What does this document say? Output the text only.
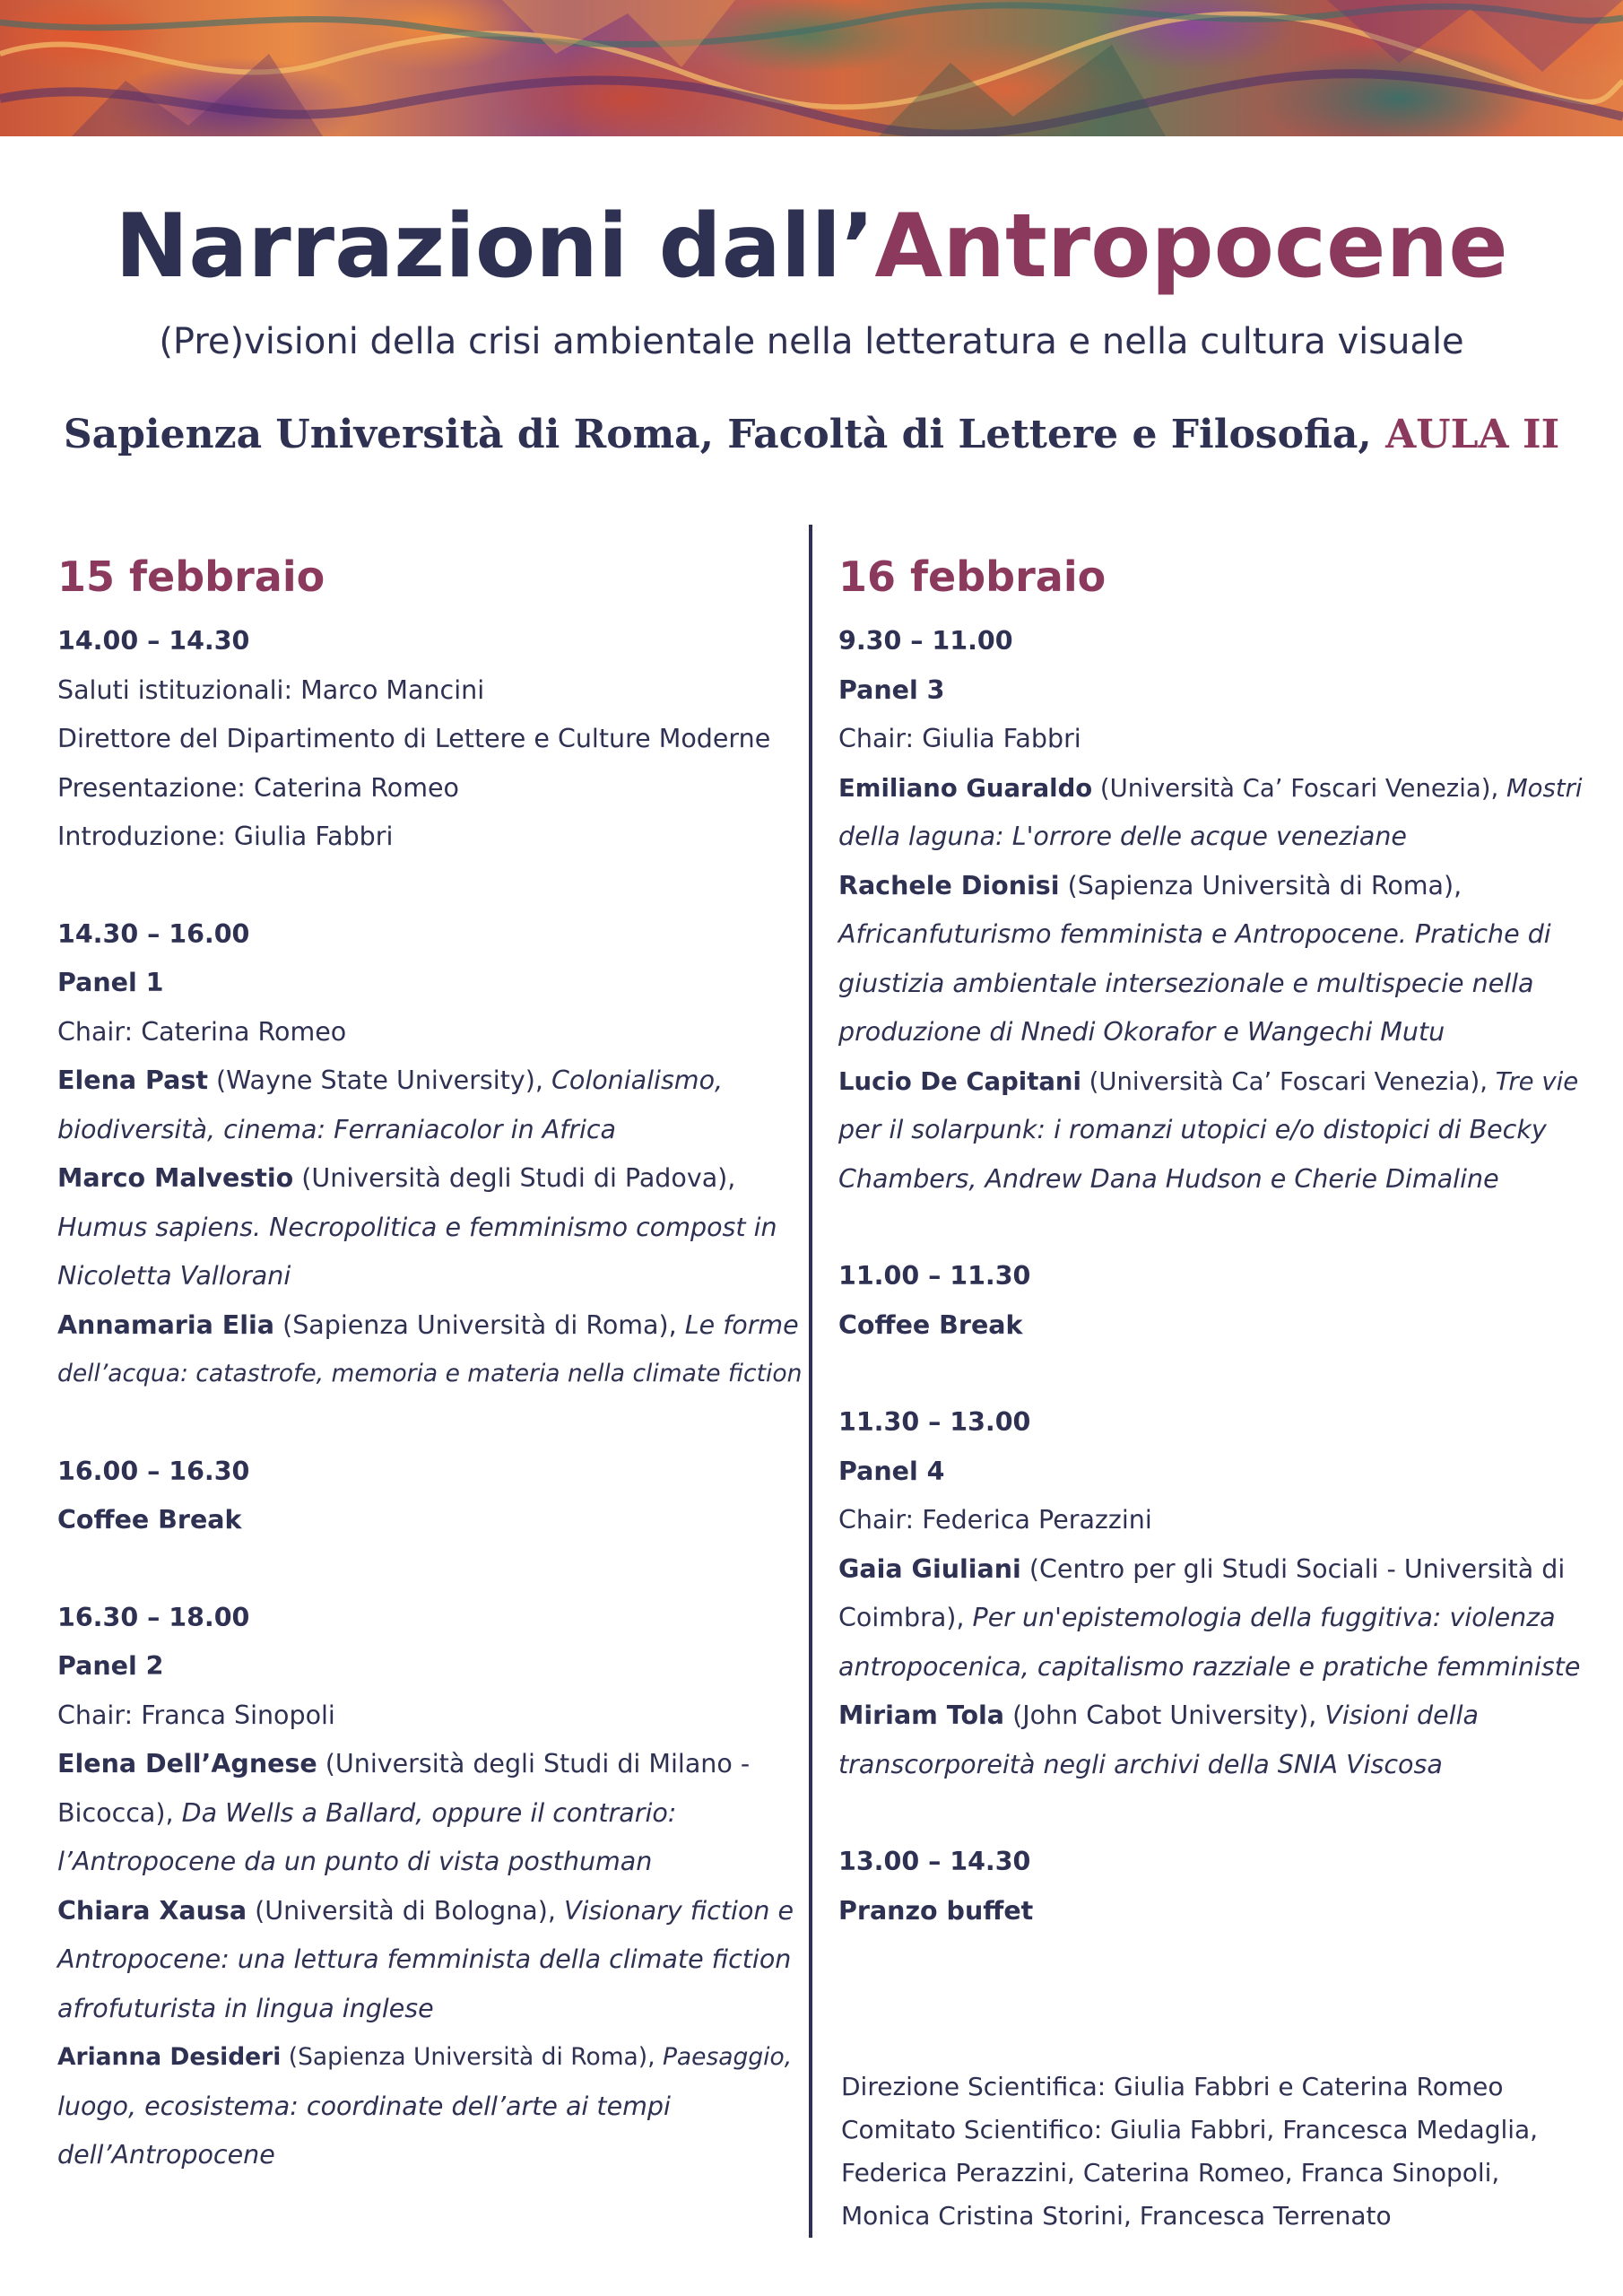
Narrazioni dall’Antropocene

(Pre)visioni della crisi ambientale nella letteratura e nella cultura visuale

Sapienza Università di Roma, Facoltà di Lettere e Filosofia, AULA II

15 febbraio

14.00 – 14.30

Saluti istituzionali: Marco Mancini

Direttore del Dipartimento di Lettere e Culture Moderne

Presentazione: Caterina Romeo

Introduzione: Giulia Fabbri

14.30 – 16.00

Panel 1

Chair: Caterina Romeo

Elena Past (Wayne State University), Colonialismo,

biodiversità, cinema: Ferraniacolor in Africa

Marco Malvestio (Università degli Studi di Padova),

Humus sapiens. Necropolitica e femminismo compost in

Nicoletta Vallorani

Annamaria Elia (Sapienza Università di Roma), Le forme

dell’acqua: catastrofe, memoria e materia nella climate fiction

16.00 – 16.30

Coffee Break

16.30 – 18.00

Panel 2

Chair: Franca Sinopoli

Elena Dell’Agnese (Università degli Studi di Milano -

Bicocca), Da Wells a Ballard, oppure il contrario:

l’Antropocene da un punto di vista posthuman

Chiara Xausa (Università di Bologna), Visionary fiction e

Antropocene: una lettura femminista della climate fiction

afrofuturista in lingua inglese

Arianna Desideri (Sapienza Università di Roma), Paesaggio,

luogo, ecosistema: coordinate dell’arte ai tempi

dell’Antropocene

16 febbraio

9.30 – 11.00

Panel 3

Chair: Giulia Fabbri

Emiliano Guaraldo (Università Ca’ Foscari Venezia), Mostri

della laguna: L'orrore delle acque veneziane

Rachele Dionisi (Sapienza Università di Roma),

Africanfuturismo femminista e Antropocene. Pratiche di

giustizia ambientale intersezionale e multispecie nella

produzione di Nnedi Okorafor e Wangechi Mutu

Lucio De Capitani (Università Ca’ Foscari Venezia), Tre vie

per il solarpunk: i romanzi utopici e/o distopici di Becky

Chambers, Andrew Dana Hudson e Cherie Dimaline

11.00 – 11.30

Coffee Break

11.30 – 13.00

Panel 4

Chair: Federica Perazzini

Gaia Giuliani (Centro per gli Studi Sociali - Università di

Coimbra), Per un'epistemologia della fuggitiva: violenza

antropocenica, capitalismo razziale e pratiche femministe

Miriam Tola (John Cabot University), Visioni della

transcorporeità negli archivi della SNIA Viscosa

13.00 – 14.30

Pranzo buffet

Direzione Scientifica: Giulia Fabbri e Caterina Romeo

Comitato Scientifico: Giulia Fabbri, Francesca Medaglia,

Federica Perazzini, Caterina Romeo, Franca Sinopoli,

Monica Cristina Storini, Francesca Terrenato
